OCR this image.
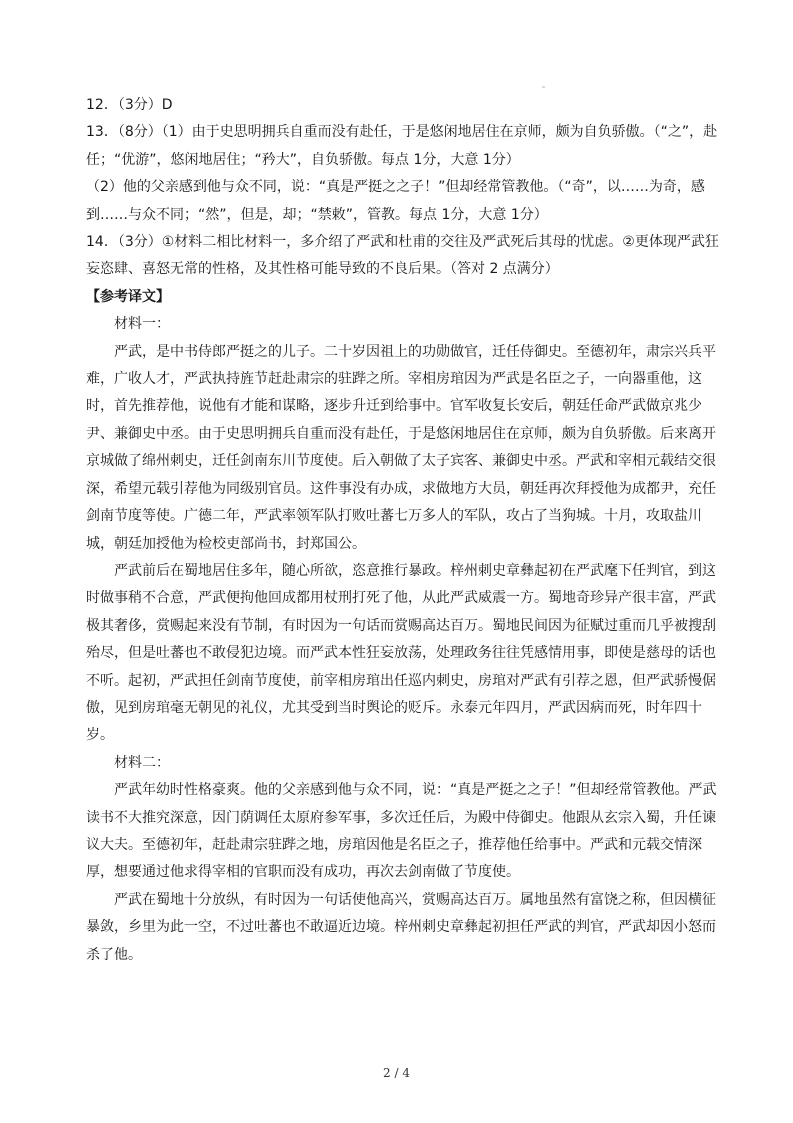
12．（3分）D

13．（8分）（1）由于史思明拥兵自重而没有赴任，于是悠闲地居住在京师，颇为自负骄傲。（“之”，赴任；“优游”，悠闲地居住；“矜大”，自负骄傲。每点 1分，大意 1分）

（2）他的父亲感到他与众不同，说：“真是严挺之之子！”但却经常管教他。（“奇”，以……为奇，感到……与众不同；“然”，但是，却；“禁敕”，管教。每点 1分，大意 1分）

14．（3分）①材料二相比材料一，多介绍了严武和杜甫的交往及严武死后其母的忧虑。②更体现严武狂妄恣肆、喜怒无常的性格，及其性格可能导致的不良后果。（答对 2 点满分）

【参考译文】

材料一：

严武，是中书侍郎严挺之的儿子。二十岁因祖上的功勋做官，迁任侍御史。至德初年，肃宗兴兵平难，广收人才，严武执持旌节赶赴肃宗的驻跸之所。宰相房琯因为严武是名臣之子，一向器重他，这时，首先推荐他，说他有才能和谋略，逐步升迁到给事中。官军收复长安后，朝廷任命严武做京兆少尹、兼御史中丞。由于史思明拥兵自重而没有赴任，于是悠闲地居住在京师，颇为自负骄傲。后来离开京城做了绵州刺史，迁任剑南东川节度使。后入朝做了太子宾客、兼御史中丞。严武和宰相元载结交很深，希望元载引荐他为同级别官员。这件事没有办成，求做地方大员，朝廷再次拜授他为成都尹，充任剑南节度等使。广德二年，严武率领军队打败吐蕃七万多人的军队，攻占了当狗城。十月，攻取盐川城，朝廷加授他为检校吏部尚书，封郑国公。

严武前后在蜀地居住多年，随心所欲，恣意推行暴政。梓州刺史章彝起初在严武麾下任判官，到这时做事稍不合意，严武便拘他回成都用杖刑打死了他，从此严武威震一方。蜀地奇珍异产很丰富，严武极其奢侈，赏赐起来没有节制，有时因为一句话而赏赐高达百万。蜀地民间因为征赋过重而几乎被搜刮殆尽，但是吐蕃也不敢侵犯边境。而严武本性狂妄放荡，处理政务往往凭感情用事，即使是慈母的话也不听。起初，严武担任剑南节度使，前宰相房琯出任巡内刺史，房琯对严武有引荐之恩，但严武骄慢倨傲，见到房琯毫无朝见的礼仪，尤其受到当时舆论的贬斥。永泰元年四月，严武因病而死，时年四十岁。

材料二：

严武年幼时性格豪爽。他的父亲感到他与众不同，说：“真是严挺之之子！”但却经常管教他。严武读书不大推究深意，因门荫调任太原府参军事，多次迁任后，为殿中侍御史。他跟从玄宗入蜀，升任谏议大夫。至德初年，赶赴肃宗驻跸之地，房琯因他是名臣之子，推荐他任给事中。严武和元载交情深厚，想要通过他求得宰相的官职而没有成功，再次去剑南做了节度使。

严武在蜀地十分放纵，有时因为一句话使他高兴，赏赐高达百万。属地虽然有富饶之称，但因横征暴敛，乡里为此一空，不过吐蕃也不敢逼近边境。梓州刺史章彝起初担任严武的判官，严武却因小怒而杀了他。

2 / 4
